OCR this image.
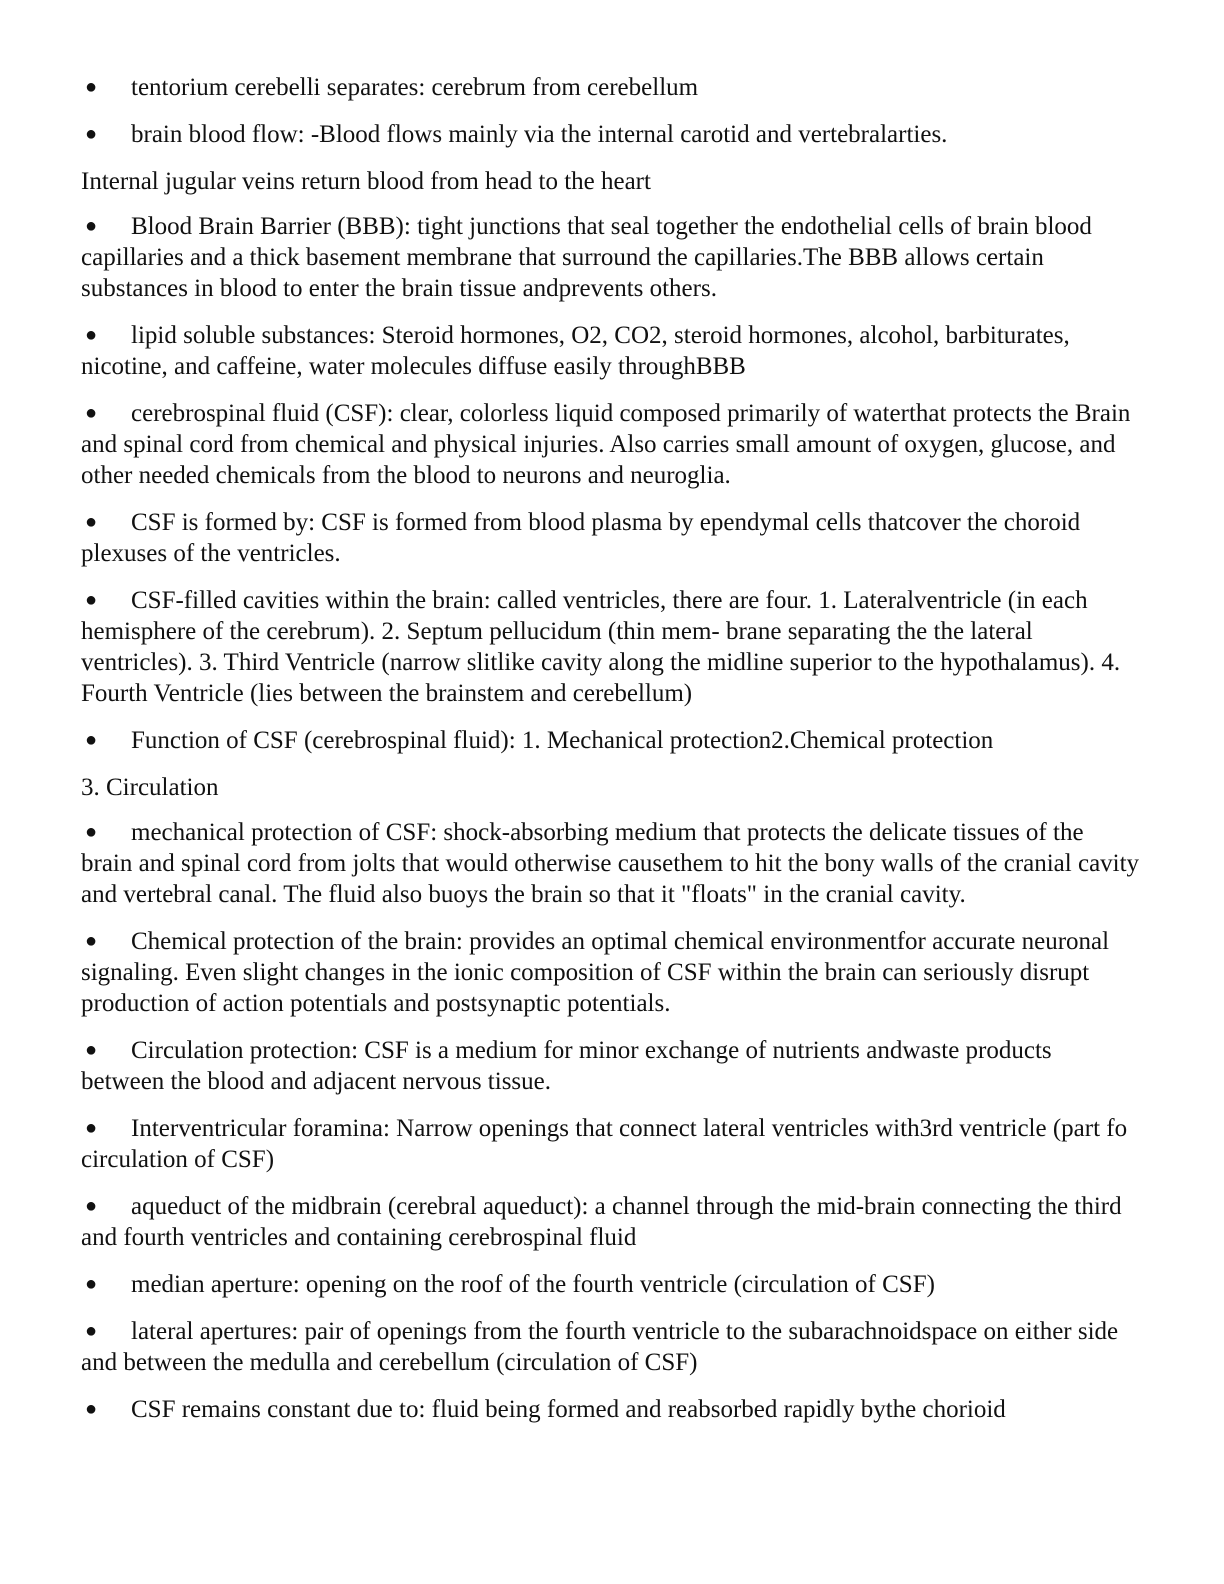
● tentorium cerebelli separates: cerebrum from cerebellum

● brain blood flow: -Blood flows mainly via the internal carotid and vertebralarties.

Internal jugular veins return blood from head to the heart

● Blood Brain Barrier (BBB): tight junctions that seal together the endothelial cells of brain blood capillaries and a thick basement membrane that surround the capillaries.The BBB allows certain substances in blood to enter the brain tissue andprevents others.

● lipid soluble substances: Steroid hormones, O2, CO2, steroid hormones, alcohol, barbiturates, nicotine, and caffeine, water molecules diffuse easily throughBBB

● cerebrospinal fluid (CSF): clear, colorless liquid composed primarily of waterthat protects the Brain and spinal cord from chemical and physical injuries. Also carries small amount of oxygen, glucose, and other needed chemicals from the blood to neurons and neuroglia.

● CSF is formed by: CSF is formed from blood plasma by ependymal cells thatcover the choroid plexuses of the ventricles.

● CSF-filled cavities within the brain: called ventricles, there are four. 1. Lateralventricle (in each hemisphere of the cerebrum). 2. Septum pellucidum (thin mem- brane separating the the lateral ventricles). 3. Third Ventricle (narrow slitlike cavity along the midline superior to the hypothalamus). 4. Fourth Ventricle (lies between the brainstem and cerebellum)

● Function of CSF (cerebrospinal fluid): 1. Mechanical protection2.Chemical protection

3. Circulation

● mechanical protection of CSF: shock-absorbing medium that protects the delicate tissues of the brain and spinal cord from jolts that would otherwise causethem to hit the bony walls of the cranial cavity and vertebral canal. The fluid also buoys the brain so that it "floats" in the cranial cavity.

● Chemical protection of the brain: provides an optimal chemical environmentfor accurate neuronal signaling. Even slight changes in the ionic composition of CSF within the brain can seriously disrupt production of action potentials and postsynaptic potentials.

● Circulation protection: CSF is a medium for minor exchange of nutrients andwaste products between the blood and adjacent nervous tissue.

● Interventricular foramina: Narrow openings that connect lateral ventricles with3rd ventricle (part fo circulation of CSF)

● aqueduct of the midbrain (cerebral aqueduct): a channel through the mid-brain connecting the third and fourth ventricles and containing cerebrospinal fluid

● median aperture: opening on the roof of the fourth ventricle (circulation of CSF)

● lateral apertures: pair of openings from the fourth ventricle to the subarachnoidspace on either side and between the medulla and cerebellum (circulation of CSF)

● CSF remains constant due to: fluid being formed and reabsorbed rapidly bythe chorioid
